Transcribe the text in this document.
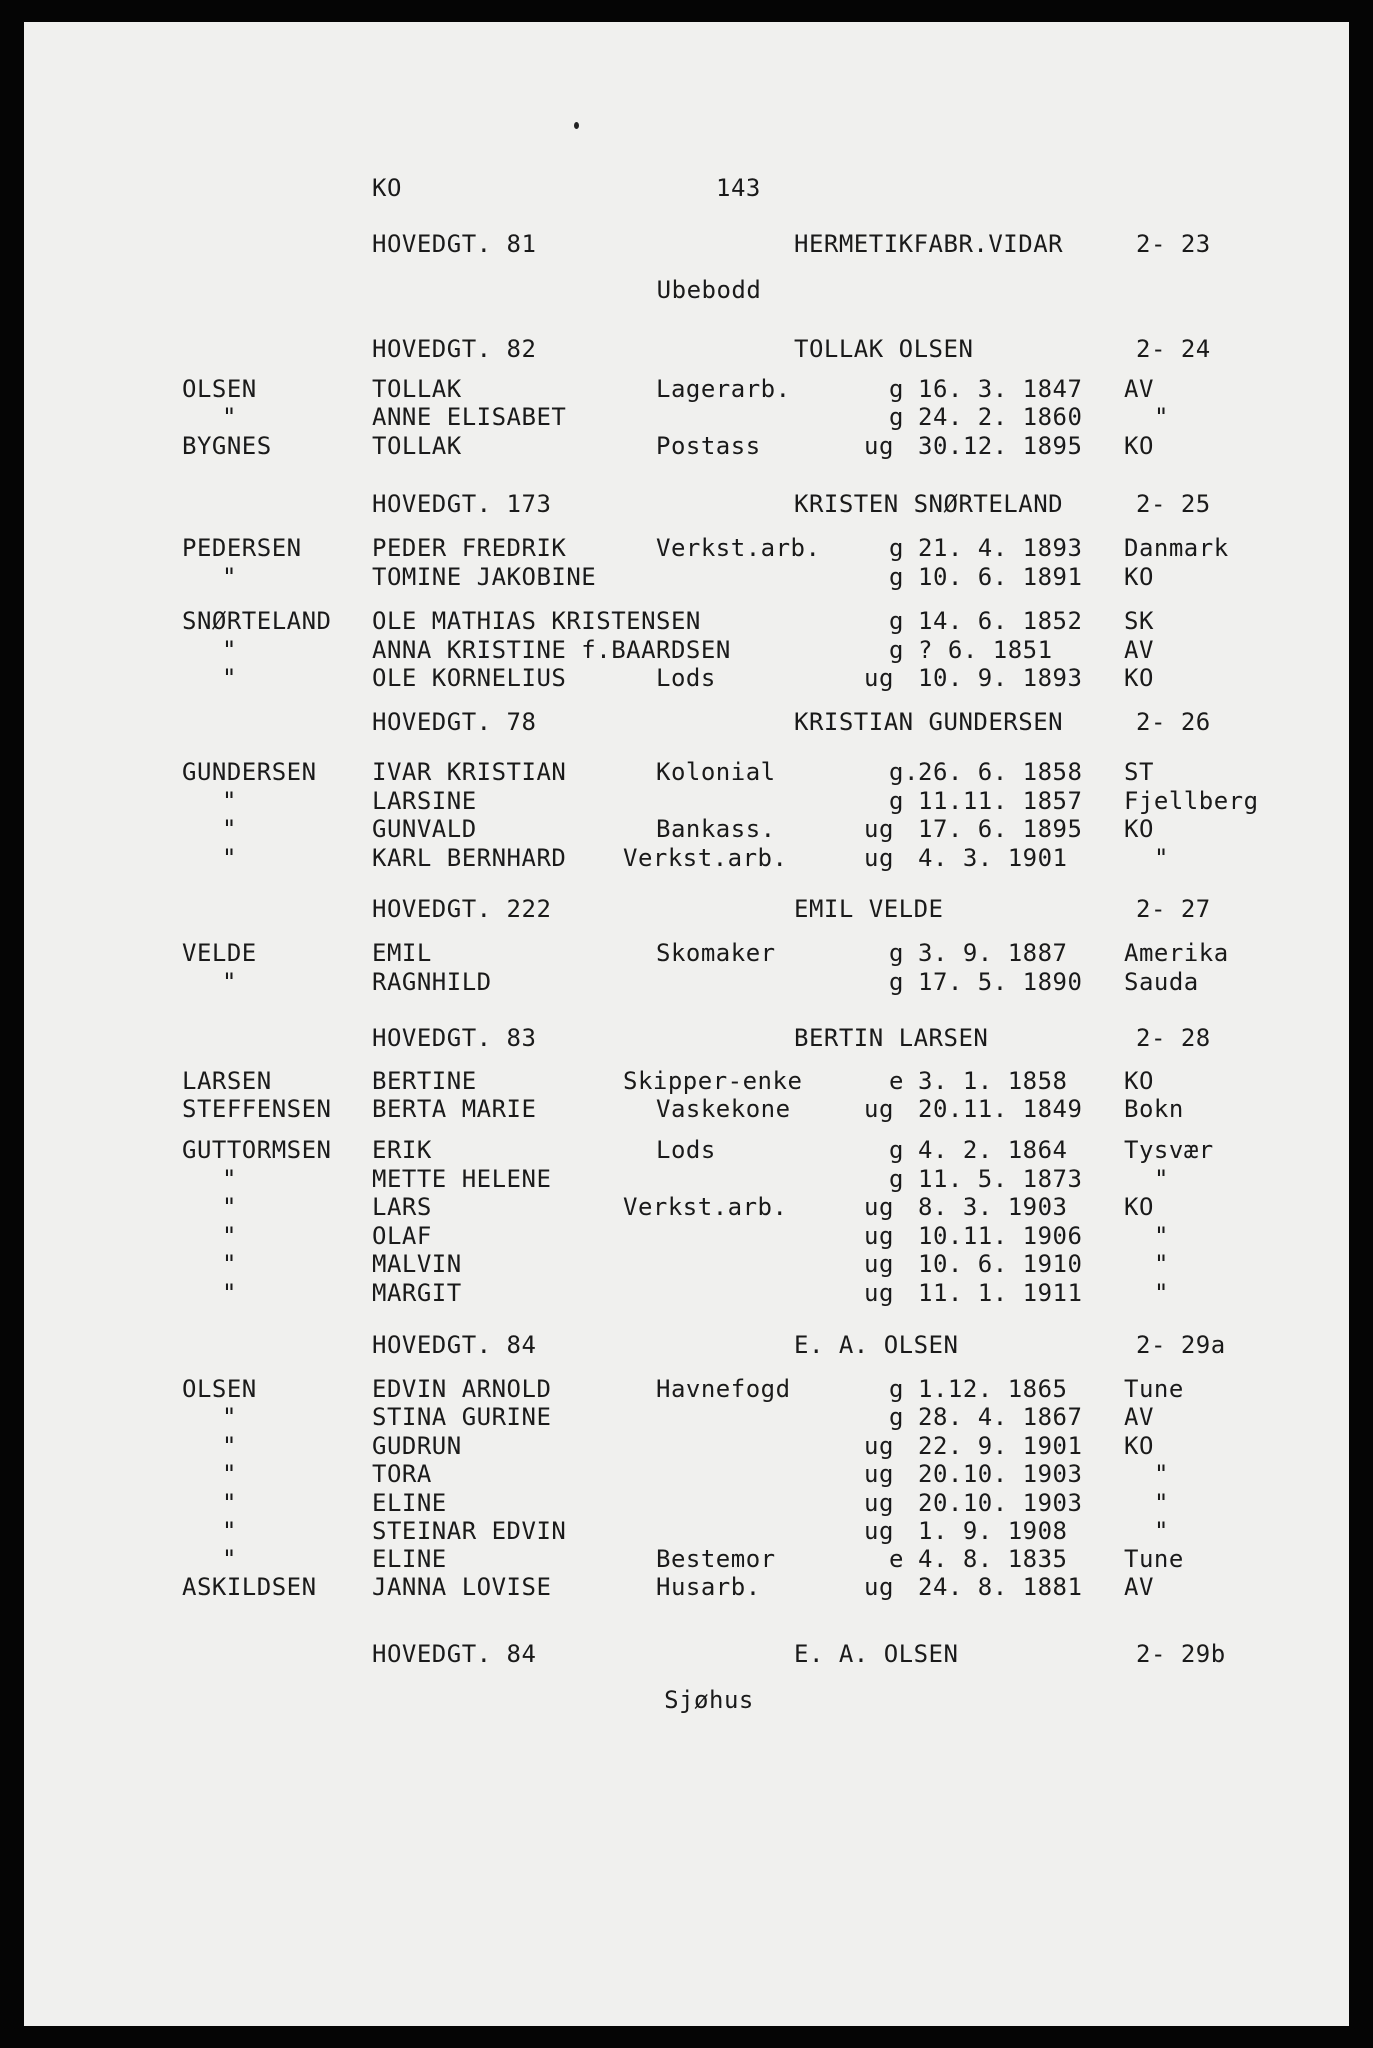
KO	143
HOVEDGT. 81	HERMETIKFABR.VIDAR	2- 23
Ubebodd
HOVEDGT. 82	TOLLAK OLSEN	2- 24
OLSEN	TOLLAK	Lagerarb.	g 16. 3. 1847 AV
"	ANNE ELISABET	g 24. 2. 1860	"
BYGNES	TOLLAK	Postass	ug 30.12. 1895 KO
HOVEDGT. 173	KRISTEN SNØRTELAND	2- 25
PEDERSEN	PEDER FREDRIK	Verkst.arb.	g 21. 4. 1893 Danmark
"	TOMINE JAKOBINE	g 10. 6. 1891 KO
SNØRTELAND OLE MATHIAS KRISTENSEN	g 14. 6. 1852 SK
"	ANNA KRISTINE f.BAARDSEN	g ? 6. 1851	AV
"	OLE KORNELIUS	Lods	ug 10. 9. 1893 KO
HOVEDGT. 78	KRISTIAN GUNDERSEN	2- 26
GUNDERSEN IVAR KRISTIAN	Kolonial	g. 26. 6. 1858 ST
"	LARSINE	g 11.11. 1857 Fjellberg
"	GUNVALD	Bankass.	ug 17. 6. 1895 KO
"	KARL BERNHARD Verkst.arb.	ug 4. 3. 1901	"
HOVEDGT. 222	EMIL VELDE	2- 27
VELDE	EMIL	Skomaker	g 3. 9. 1887 Amerika
"	RAGNHILD	g 17. 5. 1890 Sauda
HOVEDGT. 83	BERTIN LARSEN	2- 28
LARSEN	BERTINE	Skipper-enke	e 3. 1. 1858 KO
STEFFENSEN BERTA MARIE	Vaskekone	ug 20.11. 1849 Bokn
GUTTORMSEN ERIK	Lods	g 4. 2. 1864 Tysvær
"	METTE HELENE	g 11. 5. 1873	"
"	LARS	Verkst.arb.	ug 8. 3. 1903 KO
"	OLAF	ug 10.11. 1906	"
"	MALVIN	ug 10. 6. 1910	"
"	MARGIT	ug 11. 1. 1911	"
HOVEDGT. 84	E. A. OLSEN	2- 29a
OLSEN	EDVIN ARNOLD	Havnefogd	g 1.12. 1865 Tune
"	STINA GURINE	g 28. 4. 1867 AV
"	GUDRUN	ug 22. 9. 1901 KO
"	TORA	ug 20.10. 1903	"
"	ELINE	ug 20.10. 1903	"
"	STEINAR EDVIN	ug 1. 9. 1908	"
"	ELINE	Bestemor	e 4. 8. 1835 Tune
ASKILDSEN JANNA LOVISE	Husarb.	ug 24. 8. 1881 AV
HOVEDGT. 84	E. A. OLSEN	2- 29b
Sjøhus
